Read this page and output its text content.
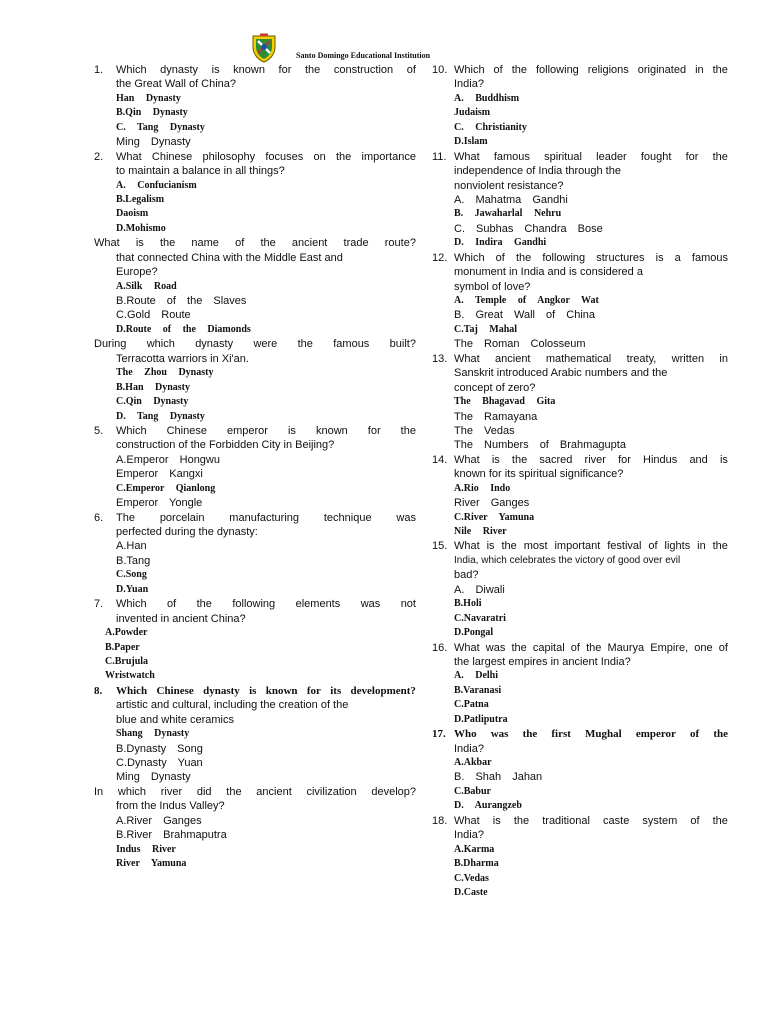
Santo Domingo Educational Institution
1. Which dynasty is known for the construction of
the Great Wall of China?
Han Dynasty
B.Qin Dynasty
C. Tang Dynasty
Ming Dynasty
2. What Chinese philosophy focuses on the importance
to maintain a balance in all things?
A. Confucianism
B.Legalism
Daoism
D.Mohismo
What is the name of the ancient trade route?
that connected China with the Middle East and
Europe?
A.Silk Road
B.Route of the Slaves
C.Gold Route
D.Route of the Diamonds
During which dynasty were the famous built?
Terracotta warriors in Xi'an.
The Zhou Dynasty
B.Han Dynasty
C.Qin Dynasty
D. Tang Dynasty
5. Which Chinese emperor is known for the
construction of the Forbidden City in Beijing?
A.Emperor Hongwu
Emperor Kangxi
C.Emperor Qianlong
Emperor Yongle
6. The porcelain manufacturing technique was
perfected during the dynasty:
A.Han
B.Tang
C.Song
D.Yuan
7. Which of the following elements was not
invented in ancient China?
A.Powder
B.Paper
C.Brujula
Wristwatch
8. Which Chinese dynasty is known for its development?
artistic and cultural, including the creation of the
blue and white ceramics
Shang Dynasty
B.Dynasty Song
C.Dynasty Yuan
Ming Dynasty
In which river did the ancient civilization develop?
from the Indus Valley?
A.River Ganges
B.River Brahmaputra
Indus River
River Yamuna
10. Which of the following religions originated in the
India?
A. Buddhism
Judaism
C. Christianity
D.Islam
11. What famous spiritual leader fought for the
independence of India through the
nonviolent resistance?
A. Mahatma Gandhi
B. Jawaharlal Nehru
C. Subhas Chandra Bose
D. Indira Gandhi
12. Which of the following structures is a famous
monument in India and is considered a
symbol of love?
A. Temple of Angkor Wat
B. Great Wall of China
C.Taj Mahal
The Roman Colosseum
13. What ancient mathematical treaty, written in
Sanskrit introduced Arabic numbers and the
concept of zero?
The Bhagavad Gita
The Ramayana
The Vedas
The Numbers of Brahmagupta
14. What is the sacred river for Hindus and is
known for its spiritual significance?
A.Rio Indo
River Ganges
C.River Yamuna
Nile River
15. What is the most important festival of lights in the
India, which celebrates the victory of good over evil
bad?
A. Diwali
B.Holi
C.Navaratri
D.Pongal
16. What was the capital of the Maurya Empire, one of
the largest empires in ancient India?
A. Delhi
B.Varanasi
C.Patna
D.Patliputra
17. Who was the first Mughal emperor of the
India?
A.Akbar
B. Shah Jahan
C.Babur
D. Aurangzeb
18. What is the traditional caste system of the
India?
A.Karma
B.Dharma
C.Vedas
D.Caste
